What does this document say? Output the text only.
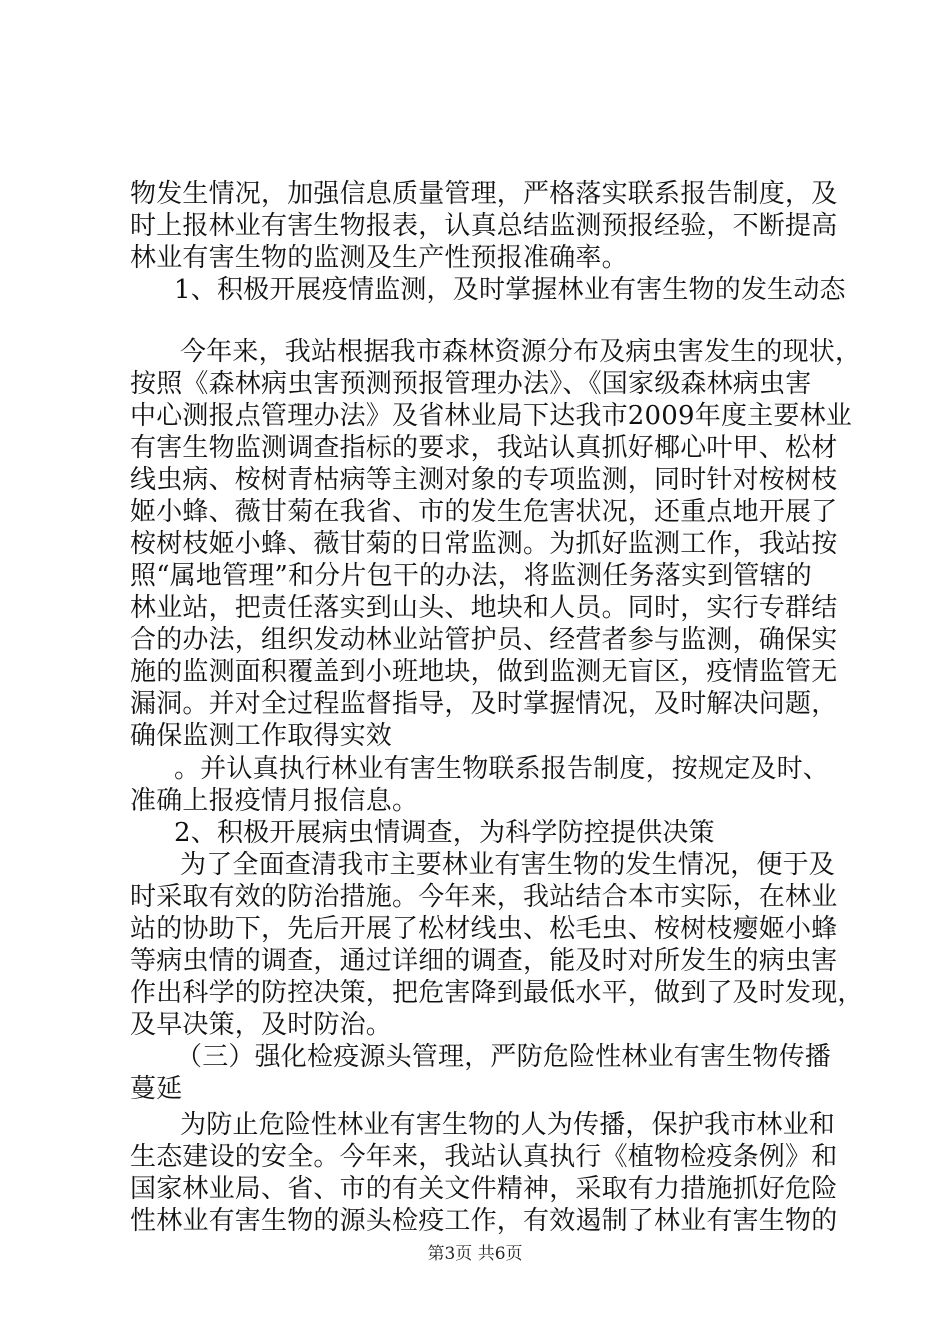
物发生情况，加强信息质量管理，严格落实联系报告制度，及
时上报林业有害生物报表，认真总结监测预报经验，不断提高
林业有害生物的监测及生产性预报准确率。
1、积极开展疫情监测，及时掌握林业有害生物的发生动态
今年来，我站根据我市森林资源分布及病虫害发生的现状，
按照《森林病虫害预测预报管理办法》、《国家级森林病虫害
中心测报点管理办法》及省林业局下达我市2009年度主要林业
有害生物监测调查指标的要求，我站认真抓好椰心叶甲、松材
线虫病、桉树青枯病等主测对象的专项监测，同时针对桉树枝
姬小蜂、薇甘菊在我省、市的发生危害状况，还重点地开展了
桉树枝姬小蜂、薇甘菊的日常监测。为抓好监测工作，我站按
照“属地管理”和分片包干的办法，将监测任务落实到管辖的
林业站，把责任落实到山头、地块和人员。同时，实行专群结
合的办法，组织发动林业站管护员、经营者参与监测，确保实
施的监测面积覆盖到小班地块，做到监测无盲区，疫情监管无
漏洞。并对全过程监督指导，及时掌握情况，及时解决问题，
确保监测工作取得实效
。并认真执行林业有害生物联系报告制度，按规定及时、
准确上报疫情月报信息。
2、积极开展病虫情调查，为科学防控提供决策
为了全面查清我市主要林业有害生物的发生情况，便于及
时采取有效的防治措施。今年来，我站结合本市实际，在林业
站的协助下，先后开展了松材线虫、松毛虫、桉树枝瘿姬小蜂
等病虫情的调查，通过详细的调查，能及时对所发生的病虫害
作出科学的防控决策，把危害降到最低水平，做到了及时发现，
及早决策，及时防治。
（三）强化检疫源头管理，严防危险性林业有害生物传播
蔓延
为防止危险性林业有害生物的人为传播，保护我市林业和
生态建设的安全。今年来，我站认真执行《植物检疫条例》和
国家林业局、省、市的有关文件精神，采取有力措施抓好危险
性林业有害生物的源头检疫工作，有效遏制了林业有害生物的
第3页 共6页
